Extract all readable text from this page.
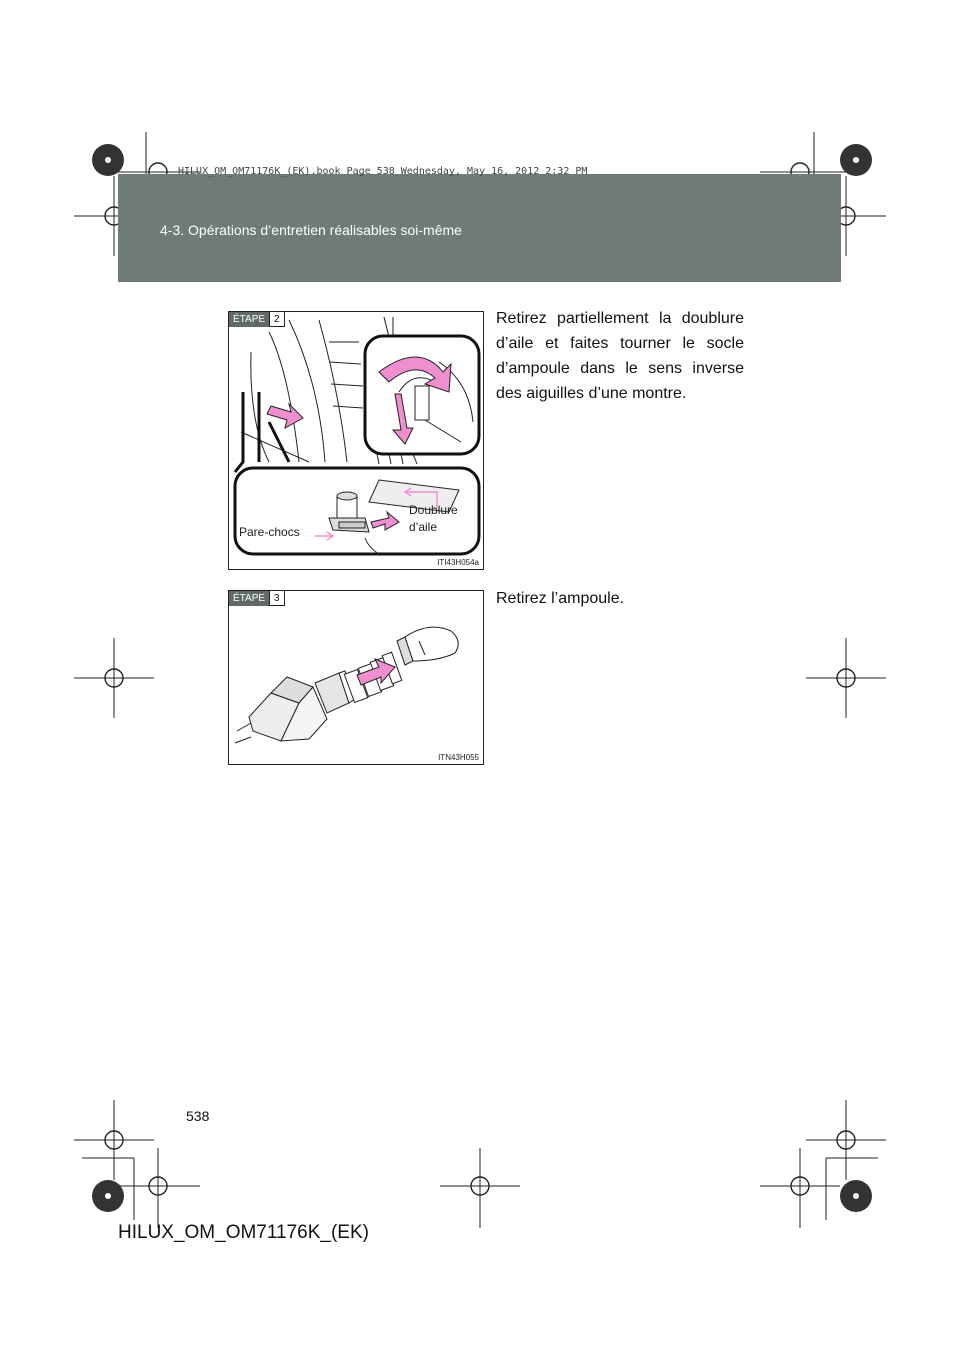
HILUX_OM_OM71176K_(EK).book Page 538 Wednesday, May 16, 2012 2:32 PM
4-3. Opérations d’entretien réalisables soi-même
ÉTAPE 2
Doublure d’aile
Pare-chocs
ITI43H054a
Retirez partiellement la doublure d’aile et faites tourner le socle d’ampoule dans le sens inverse des aiguilles d’une montre.
ÉTAPE 3
ITN43H055
Retirez l’ampoule.
538
HILUX_OM_OM71176K_(EK)
